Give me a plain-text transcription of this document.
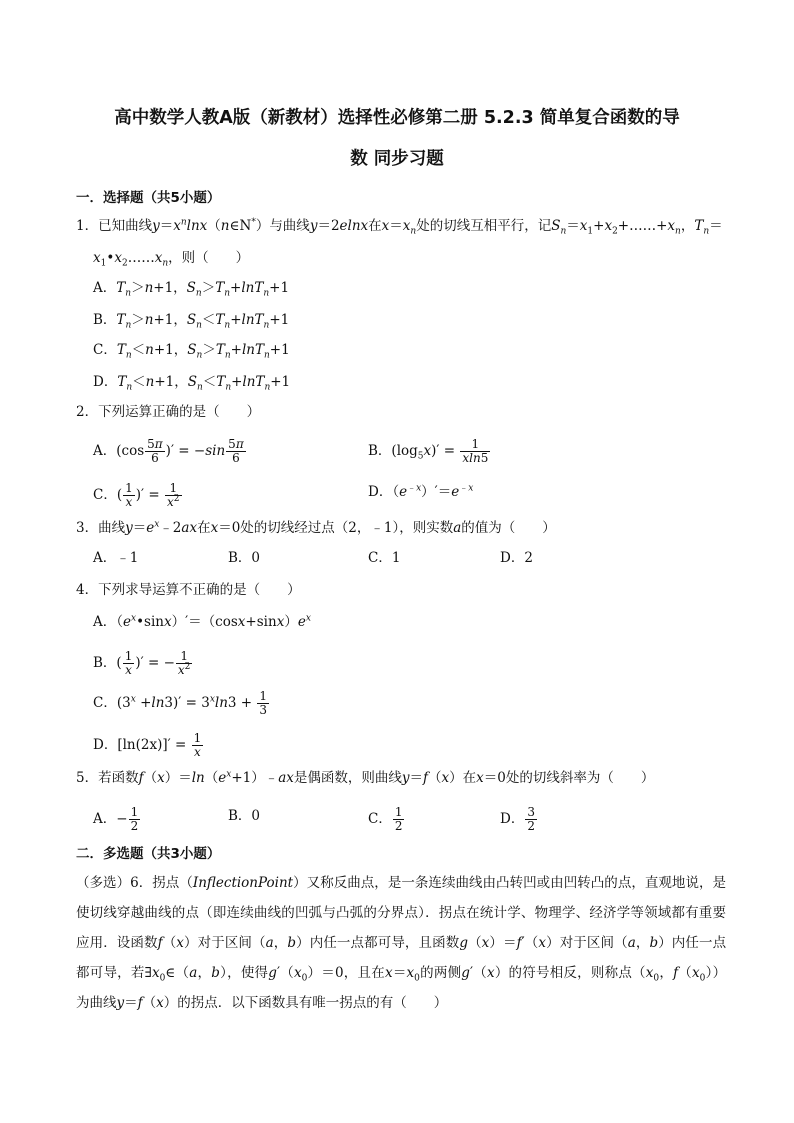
高中数学人教A版（新教材）选择性必修第二册 5.2.3 简单复合函数的导
数 同步习题
一．选择题（共5小题）
1．已知曲线$y=x^n\ln x(n\in N^*)$与曲线y＝2elnx在$x=x_n$处的切线互相平行，记$S_n=x_1+x_2+\dots\dots+x_n$，$T_n=$
$x_1•x_2\dots\dots x_n$，则（　　）
A．$T_n>n+1$，$S_n>T_n+\ln T_n+1$
B．$T_n>n+1$，$S_n<T_n+\ln T_n+1$
C．$T_n<n+1$，$S_n>T_n+\ln T_n+1$
D．$T_n<n+1$，$S_n<T_n+\ln T_n+1$
2．下列运算正确的是（　　）
A．($\cos \frac{5\pi}{6}$ )′ = $-\sin \frac{5\pi}{6}$	B．$(\log_5x)' = \frac{1}{xln5}$
C．( $\frac{1}{x}$ )′ = $\frac{1}{x^2}$	D．$(e^{﹣x})'=e^{﹣x}$
3．曲线$y=e^x﹣2ax$在x＝0处的切线经过点（2，﹣1），则实数a的值为（　　）
A．﹣1	B．0	C．1	D．2
4．下列求导运算不正确的是（　　）
A．$(e^x•\sin x)'=(\cos x+\sin x)e^x$
B．( $\frac{1}{x}$ )′ = − $\frac{1}{x^2}$
C．$(3^x +\ln 3)' = 3^x\ln 3 + \frac{1}{3}$
D．$[\ln(2x)]' = \frac{1}{x}$
5．若函数$f(x)=\ln(e^x+1)﹣ax$是偶函数，则曲线y＝f（x）在x＝0处的切线斜率为（　　）
A．− $\frac{1}{2}$	B．0	C． $\frac{1}{2}$	D． $\frac{3}{2}$
二．多选题（共3小题）
（多选）6．拐点（InflectionPoint）又称反曲点，是一条连续曲线由凸转凹或由凹转凸的点，直观地说，是使切线穿越曲线的点（即连续曲线的凹弧与凸弧的分界点）．拐点在统计学、物理学、经济学等领域都有重要应用．设函数f（x）对于区间（a，b）内任一点都可导，且函数g（x）＝f′（x）对于区间（a，b）内任一点都可导，若$\exists x_0\in(a$，b），使得$g'(x_0)=0$，且在$x=x_0$的两侧g′（x）的符号相反，则称点（$x_0$，$f(x_0)$）为曲线y＝f（x）的拐点．以下函数具有唯一拐点的有（　　）
